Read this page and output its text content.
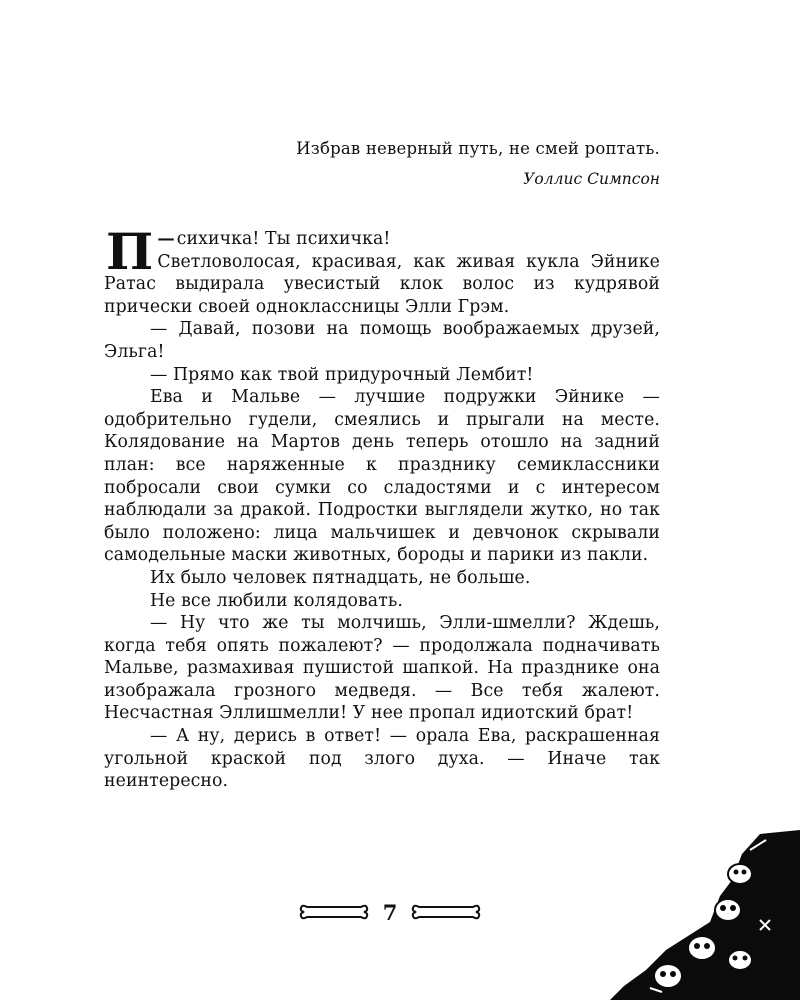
Избрав неверный путь, не смей роптать.
Уоллис Симпсон

—
П сихичка! Ты психичка!
Светловолосая, красивая, как живая кукла Эйнике Ратас выдирала увесистый клок волос из кудрявой прически своей одноклассницы Элли Грэм.

— Давай, позови на помощь воображаемых друзей, Эльга!

— Прямо как твой придурочный Лембит!

Ева и Мальве — лучшие подружки Эйнике — одобрительно гудели, смеялись и прыгали на месте. Колядование на Мартов день теперь отошло на задний план: все наряженные к празднику семиклассники побросали свои сумки со сладостями и с интересом наблюдали за дракой. Подростки выглядели жутко, но так было положено: лица мальчишек и девчонок скрывали самодельные маски животных, бороды и парики из пакли.

Их было человек пятнадцать, не больше.

Не все любили колядовать.

— Ну что же ты молчишь, Элли-шмелли? Ждешь, когда тебя опять пожалеют? — продолжала подначивать Мальве, размахивая пушистой шапкой. На празднике она изображала грозного медведя. — Все тебя жалеют. Несчастная Эллишмелли! У нее пропал идиотский брат!

— А ну, дерись в ответ! — орала Ева, раскрашенная угольной краской под злого духа. — Иначе так неинтересно.

7
